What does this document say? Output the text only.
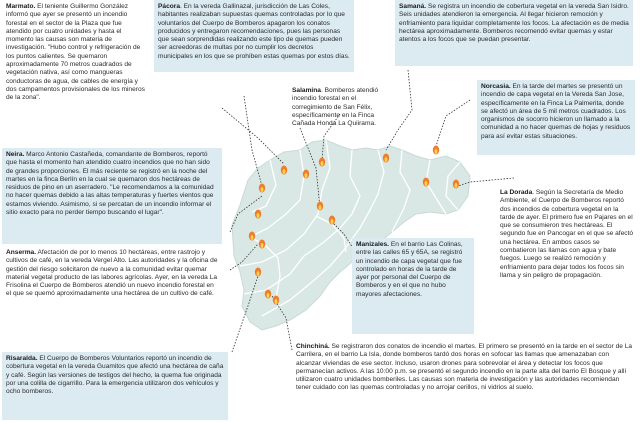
Marmato. El teniente Guillermo González informó que ayer se presentó un incendio forestal en el sector de la Plaza que fue atendido por cuatro unidades y hasta el momento las causas son materia de investigación. "Hubo control y refrigeración de los puntos calientes. Se quemaron aproximadamente 70 metros cuadrados de vegetación nativa, así como mangueras conductoras de agua, de cables de energía y dos campamentos provisionales de los mineros de la zona".
Pácora. En la vereda Gallinazal, jurisdicción de Las Coles, habitantes realizaban supuestas quemas controladas por lo que voluntarios del Cuerpo de Bomberos apagaron los conatos producidos y entregaron recomendaciones, pues las personas que sean sorprendidas realizando este tipo de quemas pueden ser acreedoras de multas por no cumplir los decretos municipales en los que se prohíben estas quemas por estos días.
Samaná. Se registra un incendio de cobertura vegetal en la vereda San Isidro. Seis unidades atendieron la emergencia. Al llegar hicieron remoción y enfriamiento para liquidar completamente los focos. La afectación es de media hectárea aproximadamente. Bomberos recomendó evitar quemas y estar atentos a los focos que se puedan presentar.
Salamina. Bomberos atendió incendio forestal en el corregimiento de San Félix, específicamente en la Finca Cañada Honda La Quiirama.
Norcasia. En la tarde del martes se presentó un incendio de capa vegetal en la Vereda San Jose, específicamente en la Finca La Palmerita, donde se afectó un área de 5 mil metros cuadrados. Los organismos de socorro hicieron un llamado a la comunidad a no hacer quemas de hojas y residuos para así evitar estas situaciones.
Neira. Marco Antonio Castañeda, comandante de Bomberos, reportó que hasta el momento han atendido cuatro incendios que no han sido de grandes proporciones. El más reciente se registró en la noche del martes en la finca Berlín en la cual se quemaron dos hectáreas de residuos de pino en un aserradero. "Le recomendamos a la comunidad no hacer quemas debido a las altas temperaturas y fuertes vientos que estamos viviendo. Asimismo, si se percatan de un incendio informar el sitio exacto para no perder tiempo buscando el lugar".
La Dorada. Según la Secretaría de Medio Ambiente, el Cuerpo de Bomberos reportó dos incendios de cobertura vegetal en la tarde de ayer. El primero fue en Pajares en el que se consumieron tres hectáreas. El segundo fue en Pancogar en el que se afectó una hectárea. En ambos casos se combatieron las llamas con agua y bate fuegos. Luego se realizó remoción y enfriamiento para dejar todos los focos sin llama y sin peligro de propagación.
Anserma. Afectación de por lo menos 10 hectáreas, entre rastrojo y cultivos de café, en la vereda Vergel Alto. Las autoridades y la oficina de gestión del riesgo solicitaron de nuevo a la comunidad evitar quemar material vegetal producto de las labores agrícolas. Ayer, en la vereda La Frisolina el Cuerpo de Bomberos atendió un nuevo incendio forestal en el que se quemó aproximadamente una hectárea de un cultivo de café.
Manizales. En el barrio Las Colinas, entre las calles 65 y 65A, se registró un incendio de capa vegetal que fue controlado en horas de la tarde de ayer por personal del Cuerpo de Bomberos y en el que no hubo mayores afectaciones.
Risaralda. El Cuerpo de Bomberos Voluntarios reportó un incendio de cobertura vegetal en la vereda Guamitos que afectó una hectárea de caña y café. Según las versiones de testigos del hecho, la quema fue originada por una colilla de cigarrillo. Para la emergencia utilizaron dos vehículos y ocho bomberos.
Chinchiná. Se registraron dos conatos de incendio el martes. El primero se presentó en la tarde en el sector de La Carrilera, en el barrio La Isla, donde bomberos tardó dos horas en sofocar las llamas que amenazaban con alcanzar viviendas de ese sector. Incluso, usaron drones para sobrevolar el área y detectar los focos que permanecían activos. A las 10:00 p.m. se presentó el segundo incendio en la parte alta del barrio El Bosque y allí utilizaron cuatro unidades bomberiles. Las causas son materia de investigación y las autoridades recomiendan tener cuidado con las quemas controladas y no arrojar cerillos, ni vidrios al suelo.
